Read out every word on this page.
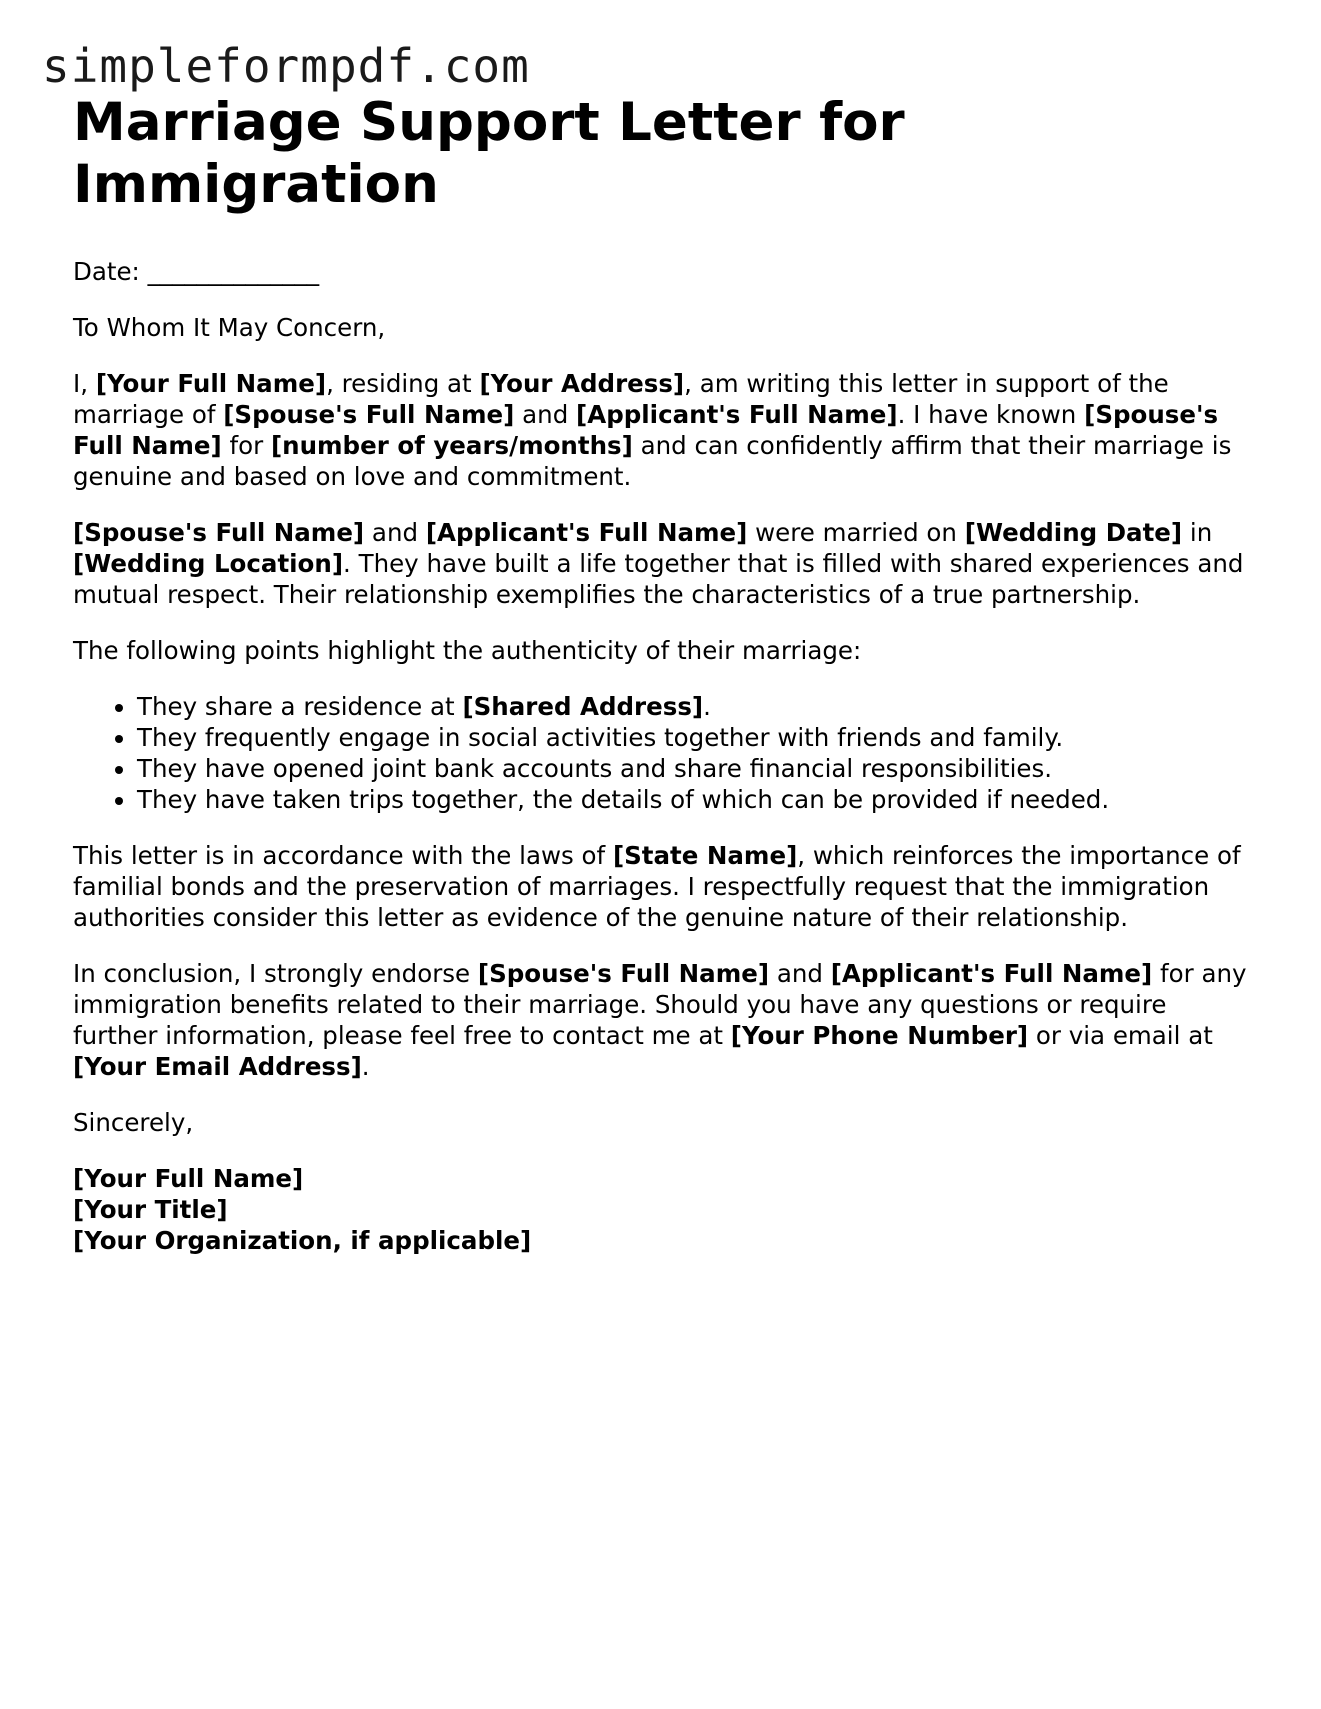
simpleformpdf.com
Marriage Support Letter for Immigration

Date: ______________

To Whom It May Concern,

I, [Your Full Name], residing at [Your Address], am writing this letter in support of the marriage of [Spouse's Full Name] and [Applicant's Full Name]. I have known [Spouse's Full Name] for [number of years/months] and can confidently affirm that their marriage is genuine and based on love and commitment.

[Spouse's Full Name] and [Applicant's Full Name] were married on [Wedding Date] in [Wedding Location]. They have built a life together that is filled with shared experiences and mutual respect. Their relationship exemplifies the characteristics of a true partnership.

The following points highlight the authenticity of their marriage:

• They share a residence at [Shared Address].
• They frequently engage in social activities together with friends and family.
• They have opened joint bank accounts and share financial responsibilities.
• They have taken trips together, the details of which can be provided if needed.

This letter is in accordance with the laws of [State Name], which reinforces the importance of familial bonds and the preservation of marriages. I respectfully request that the immigration authorities consider this letter as evidence of the genuine nature of their relationship.

In conclusion, I strongly endorse [Spouse's Full Name] and [Applicant's Full Name] for any immigration benefits related to their marriage. Should you have any questions or require further information, please feel free to contact me at [Your Phone Number] or via email at [Your Email Address].

Sincerely,

[Your Full Name]

[Your Title]

[Your Organization, if applicable]
